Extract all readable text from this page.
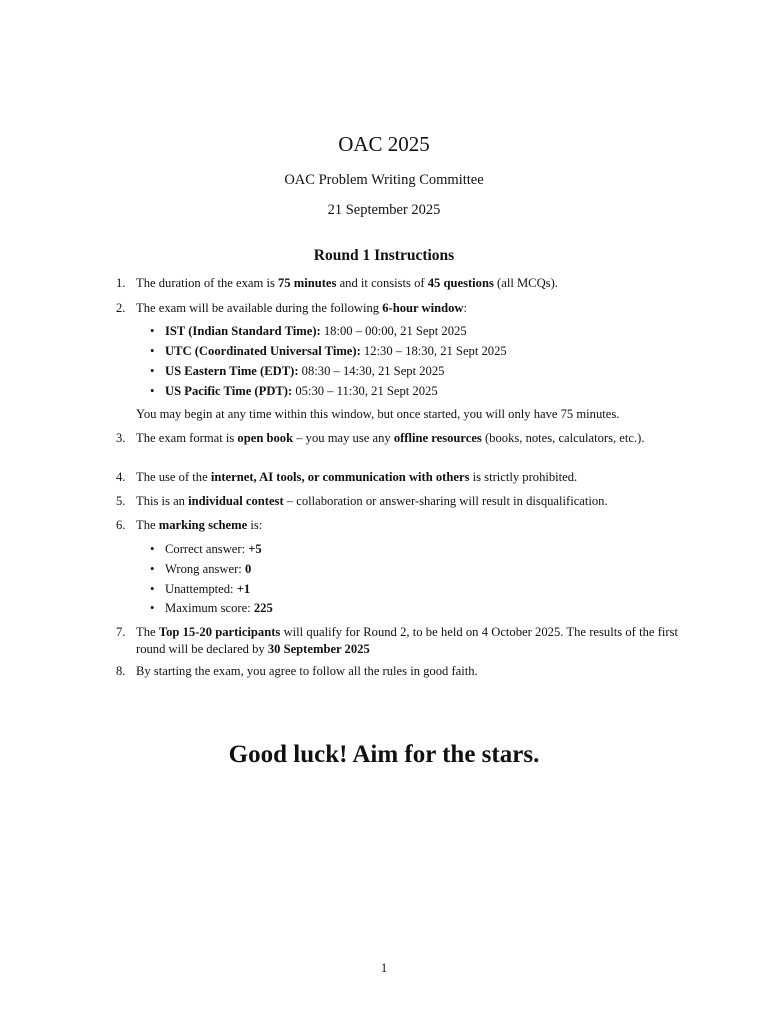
OAC 2025
OAC Problem Writing Committee
21 September 2025
Round 1 Instructions
1. The duration of the exam is 75 minutes and it consists of 45 questions (all MCQs).
2. The exam will be available during the following 6-hour window:
• IST (Indian Standard Time): 18:00 – 00:00, 21 Sept 2025
• UTC (Coordinated Universal Time): 12:30 – 18:30, 21 Sept 2025
• US Eastern Time (EDT): 08:30 – 14:30, 21 Sept 2025
• US Pacific Time (PDT): 05:30 – 11:30, 21 Sept 2025
You may begin at any time within this window, but once started, you will only have 75 minutes.
3. The exam format is open book – you may use any offline resources (books, notes, calculators, etc.).
4. The use of the internet, AI tools, or communication with others is strictly prohibited.
5. This is an individual contest – collaboration or answer-sharing will result in disqualification.
6. The marking scheme is:
• Correct answer: +5
• Wrong answer: 0
• Unattempted: +1
• Maximum score: 225
7. The Top 15-20 participants will qualify for Round 2, to be held on 4 October 2025. The results of the first round will be declared by 30 September 2025
8. By starting the exam, you agree to follow all the rules in good faith.
Good luck! Aim for the stars.
1
